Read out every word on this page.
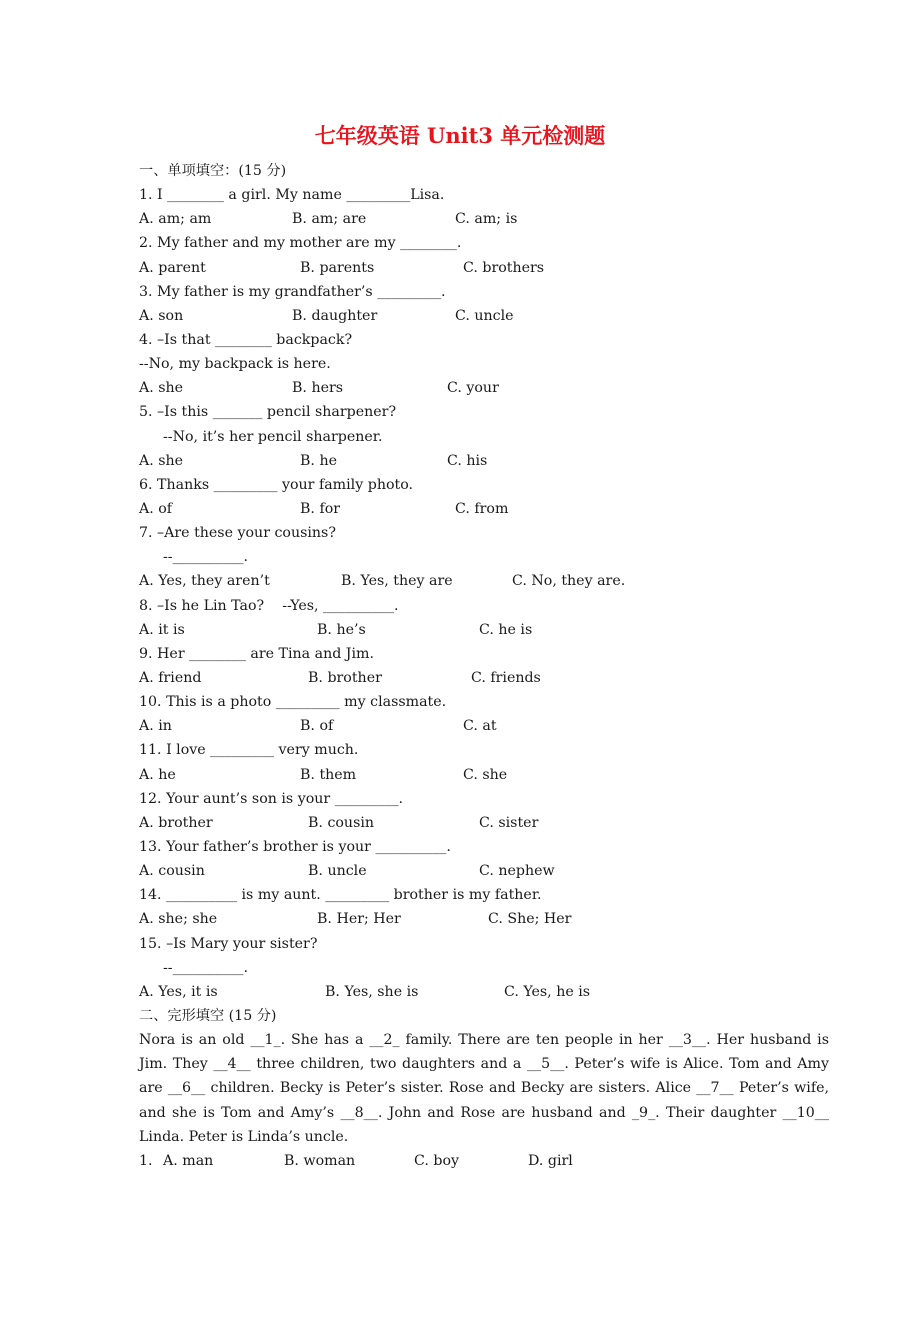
七年级英语 Unit3 单元检测题
一、单项填空：(15 分)
1. I ________ a girl. My name _________Lisa.

A. am; am

	B. am; are

	C. am; is

2. My father and my mother are my ________.

A. parent

	B. parents

	C. brothers

3. My father is my grandfather’s _________.

A. son

	B. daughter

	C. uncle

4. –Is that ________ backpack?
--No, my backpack is here.

A. she

	B. hers

	C. your

5. –Is this _______ pencil sharpener?
--No, it’s her pencil sharpener.

A. she

	B. he

	C. his

6. Thanks _________ your family photo.

A. of

	B. for

	C. from

7. –Are these your cousins?
--__________.

A. Yes, they aren’t

	B. Yes, they are

	C. No, they are.

8. –Is he Lin Tao?    --Yes, __________.

A. it is

	B. he’s

	C. he is

9. Her ________ are Tina and Jim.

A. friend

	B. brother

	C. friends

10. This is a photo _________ my classmate.

A. in

	B. of

	C. at

11. I love _________ very much.

A. he

	B. them

	C. she

12. Your aunt’s son is your _________.

A. brother

	B. cousin

	C. sister

13. Your father’s brother is your __________.

A. cousin

	B. uncle

	C. nephew

14. __________ is my aunt. _________ brother is my father.

A. she; she

	B. Her; Her

	C. She; Her

15. –Is Mary your sister?
--__________.

A. Yes, it is

	B. Yes, she is

	C. Yes, he is

二、完形填空 (15 分)
Nora is an old __1_. She has a __2_ family. There are ten people in her __3__. Her husband is Jim. They __4__ three children, two daughters and a __5__. Peter’s wife is Alice. Tom and Amy are __6__ children. Becky is Peter’s sister. Rose and Becky are sisters. Alice __7__ Peter’s wife, and she is Tom and Amy’s __8__. John and Rose are husband and _9_. Their daughter __10__ Linda. Peter is Linda’s uncle.

1.

A. man

	B. woman

	C. boy

	D. girl
